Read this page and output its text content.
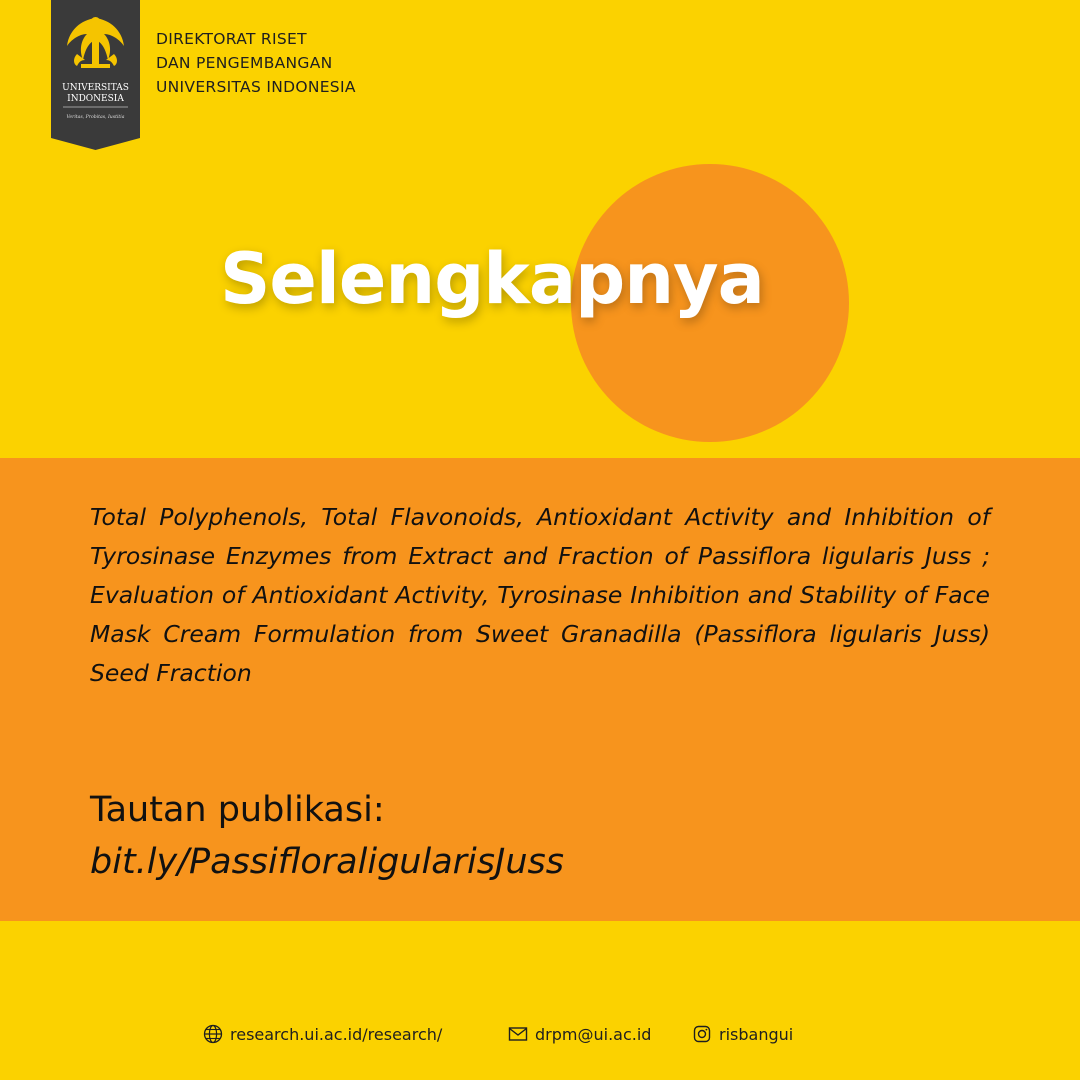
UNIVERSITAS
INDONESIA
Veritas, Probitas, Iustitia
DIREKTORAT RISET
DAN PENGEMBANGAN
UNIVERSITAS INDONESIA
Selengkapnya

Total Polyphenols, Total Flavonoids, Antioxidant Activity and Inhibition of Tyrosinase Enzymes from Extract and Fraction of Passiflora ligularis Juss ; Evaluation of Antioxidant Activity, Tyrosinase Inhibition and Stability of Face Mask Cream Formulation from Sweet Granadilla (Passiflora ligularis Juss) Seed Fraction

Tautan publikasi:
bit.ly/PassifloraligularisJuss
research.ui.ac.id/research/	drpm@ui.ac.id	risbangui
